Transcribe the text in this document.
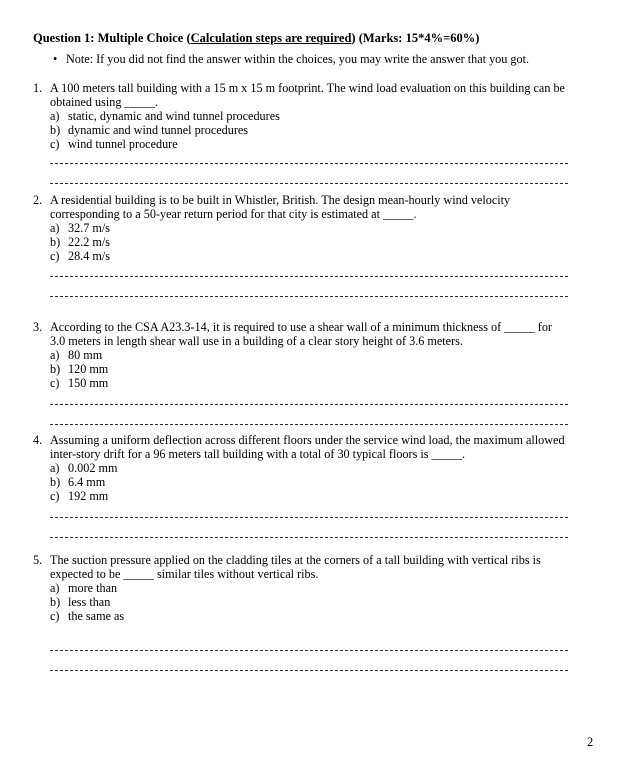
Question 1: Multiple Choice (Calculation steps are required) (Marks: 15*4%=60%)
• Note: If you did not find the answer within the choices, you may write the answer that you got.
1. A 100 meters tall building with a 15 m x 15 m footprint. The wind load evaluation on this building can be obtained using _____.
a) static, dynamic and wind tunnel procedures
b) dynamic and wind tunnel procedures
c) wind tunnel procedure
2. A residential building is to be built in Whistler, British. The design mean-hourly wind velocity corresponding to a 50-year return period for that city is estimated at _____.
a) 32.7 m/s
b) 22.2 m/s
c) 28.4 m/s
3. According to the CSA A23.3-14, it is required to use a shear wall of a minimum thickness of _____ for 3.0 meters in length shear wall use in a building of a clear story height of 3.6 meters.
a) 80 mm
b) 120 mm
c) 150 mm
4. Assuming a uniform deflection across different floors under the service wind load, the maximum allowed inter-story drift for a 96 meters tall building with a total of 30 typical floors is _____.
a) 0.002 mm
b) 6.4 mm
c) 192 mm
5. The suction pressure applied on the cladding tiles at the corners of a tall building with vertical ribs is expected to be _____ similar tiles without vertical ribs.
a) more than
b) less than
c) the same as
2
